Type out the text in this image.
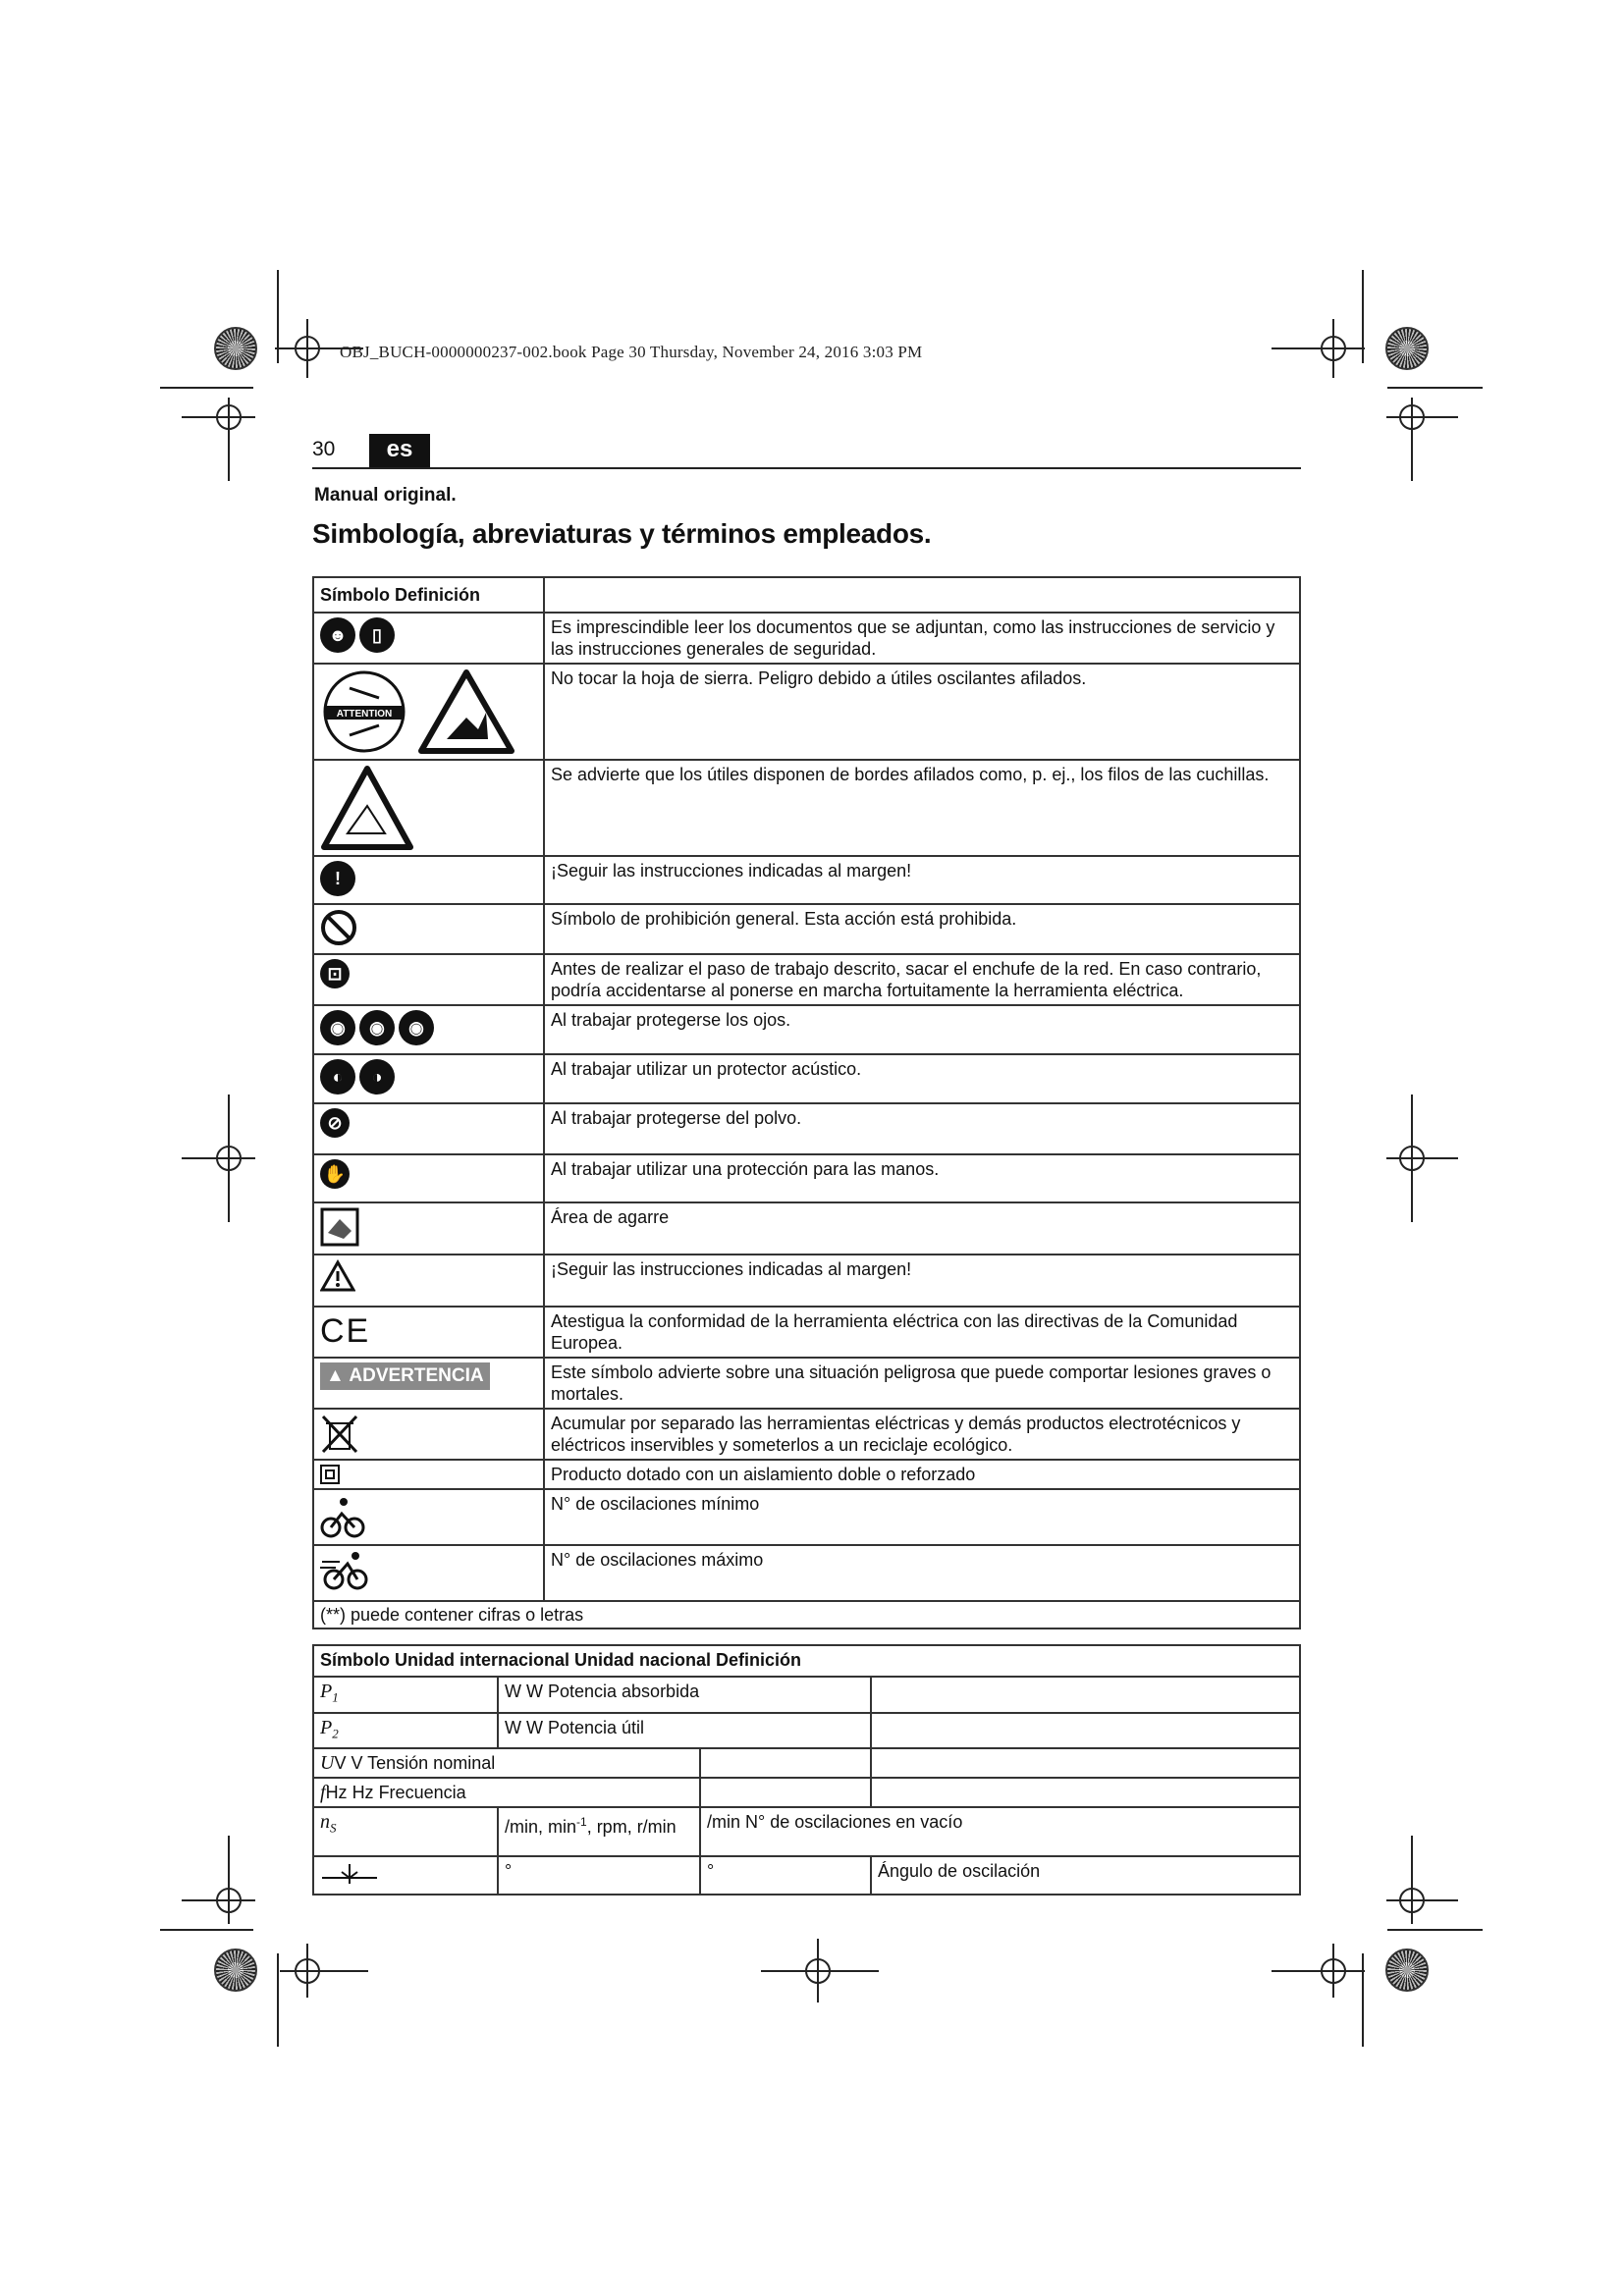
OBJ_BUCH-0000000237-002.book Page 30 Thursday, November 24, 2016 3:03 PM
30	es
Manual original.
Simbología, abreviaturas y términos empleados.
Símbolo Definición	
☻ ▯	Es imprescindible leer los documentos que se adjuntan, como las instrucciones de servicio y las instrucciones generales de seguridad.

ATTENTION	No tocar la hoja de sierra. Peligro debido a útiles oscilantes afilados.
	Se advierte que los útiles disponen de bordes afilados como, p. ej., los filos de las cuchillas.
!	¡Seguir las instrucciones indicadas al margen!
	Símbolo de prohibición general. Esta acción está prohibida.
⊡	Antes de realizar el paso de trabajo descrito, sacar el enchufe de la red. En caso contrario, podría accidentarse al ponerse en marcha fortuitamente la herramienta eléctrica.
◉ ◉ ◉	Al trabajar protegerse los ojos.
◐ ◑	Al trabajar utilizar un protector acústico.
⊘	Al trabajar protegerse del polvo.
✋	Al trabajar utilizar una protección para las manos.
	Área de agarre
	¡Seguir las instrucciones indicadas al margen!
CE	Atestigua la conformidad de la herramienta eléctrica con las directivas de la Comunidad Europea.
▲ ADVERTENCIA	Este símbolo advierte sobre una situación peligrosa que puede comportar lesiones graves o mortales.
	Acumular por separado las herramientas eléctricas y demás productos electrotécnicos y eléctricos inservibles y someterlos a un reciclaje ecológico.
	Producto dotado con un aislamiento doble o reforzado
	N° de oscilaciones mínimo
	N° de oscilaciones máximo
(**) puede contener cifras o letras	
Símbolo Unidad internacional Unidad nacional Definición			
$P_1$	W W Potencia absorbida		
$P_2$	W W Potencia útil		
UV V Tensión nominal			
fHz Hz Frecuencia			
$n_S$	/min, $\min^{-1}$, rpm, r/min	/min N° de oscilaciones en vacío	
	°	°	Ángulo de oscilación
